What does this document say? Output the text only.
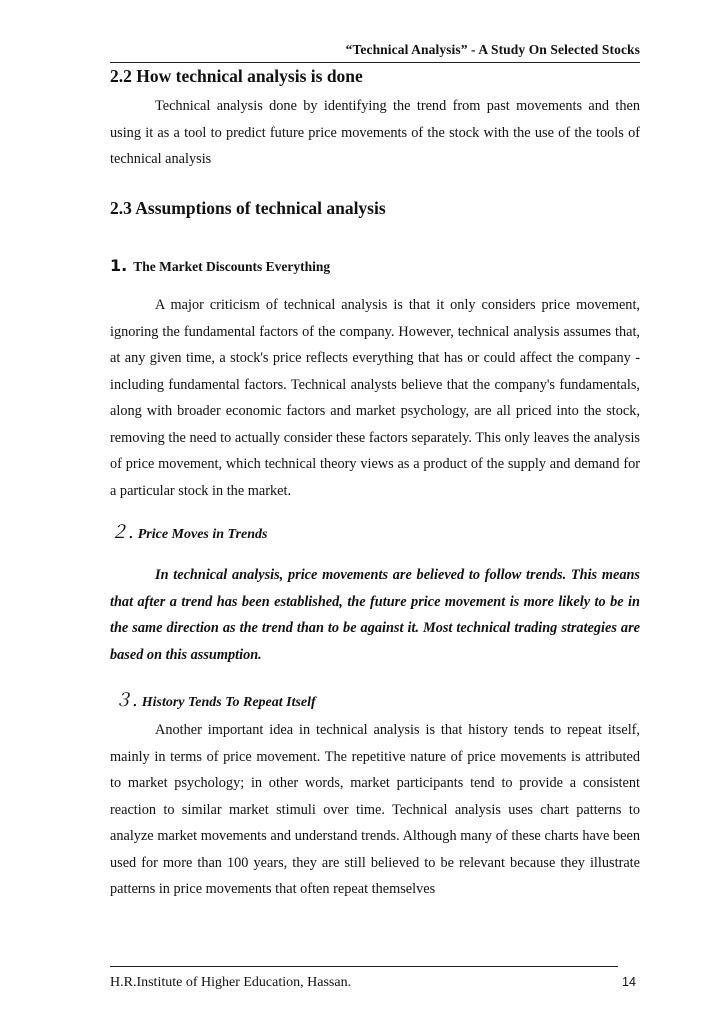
“Technical Analysis” - A Study On Selected Stocks
2.2 How technical analysis is done

Technical analysis done by identifying the trend from past movements and then using it as a tool to predict future price movements of the stock with the use of the tools of technical analysis

2.3 Assumptions of technical analysis
1. The Market Discounts Everything

A major criticism of technical analysis is that it only considers price movement, ignoring the fundamental factors of the company. However, technical analysis assumes that, at any given time, a stock's price reflects everything that has or could affect the company - including fundamental factors. Technical analysts believe that the company's fundamentals, along with broader economic factors and market psychology, are all priced into the stock, removing the need to actually consider these factors separately. This only leaves the analysis of price movement, which technical theory views as a product of the supply and demand for a particular stock in the market.

２. Price Moves in Trends

In technical analysis, price movements are believed to follow trends. This means that after a trend has been established, the future price movement is more likely to be in the same direction as the trend than to be against it. Most technical trading strategies are based on this assumption.

３. History Tends To Repeat Itself

Another important idea in technical analysis is that history tends to repeat itself, mainly in terms of price movement. The repetitive nature of price movements is attributed to market psychology; in other words, market participants tend to provide a consistent reaction to similar market stimuli over time. Technical analysis uses chart patterns to analyze market movements and understand trends. Although many of these charts have been used for more than 100 years, they are still believed to be relevant because they illustrate patterns in price movements that often repeat themselves

H.R.Institute of Higher Education, Hassan.	14
